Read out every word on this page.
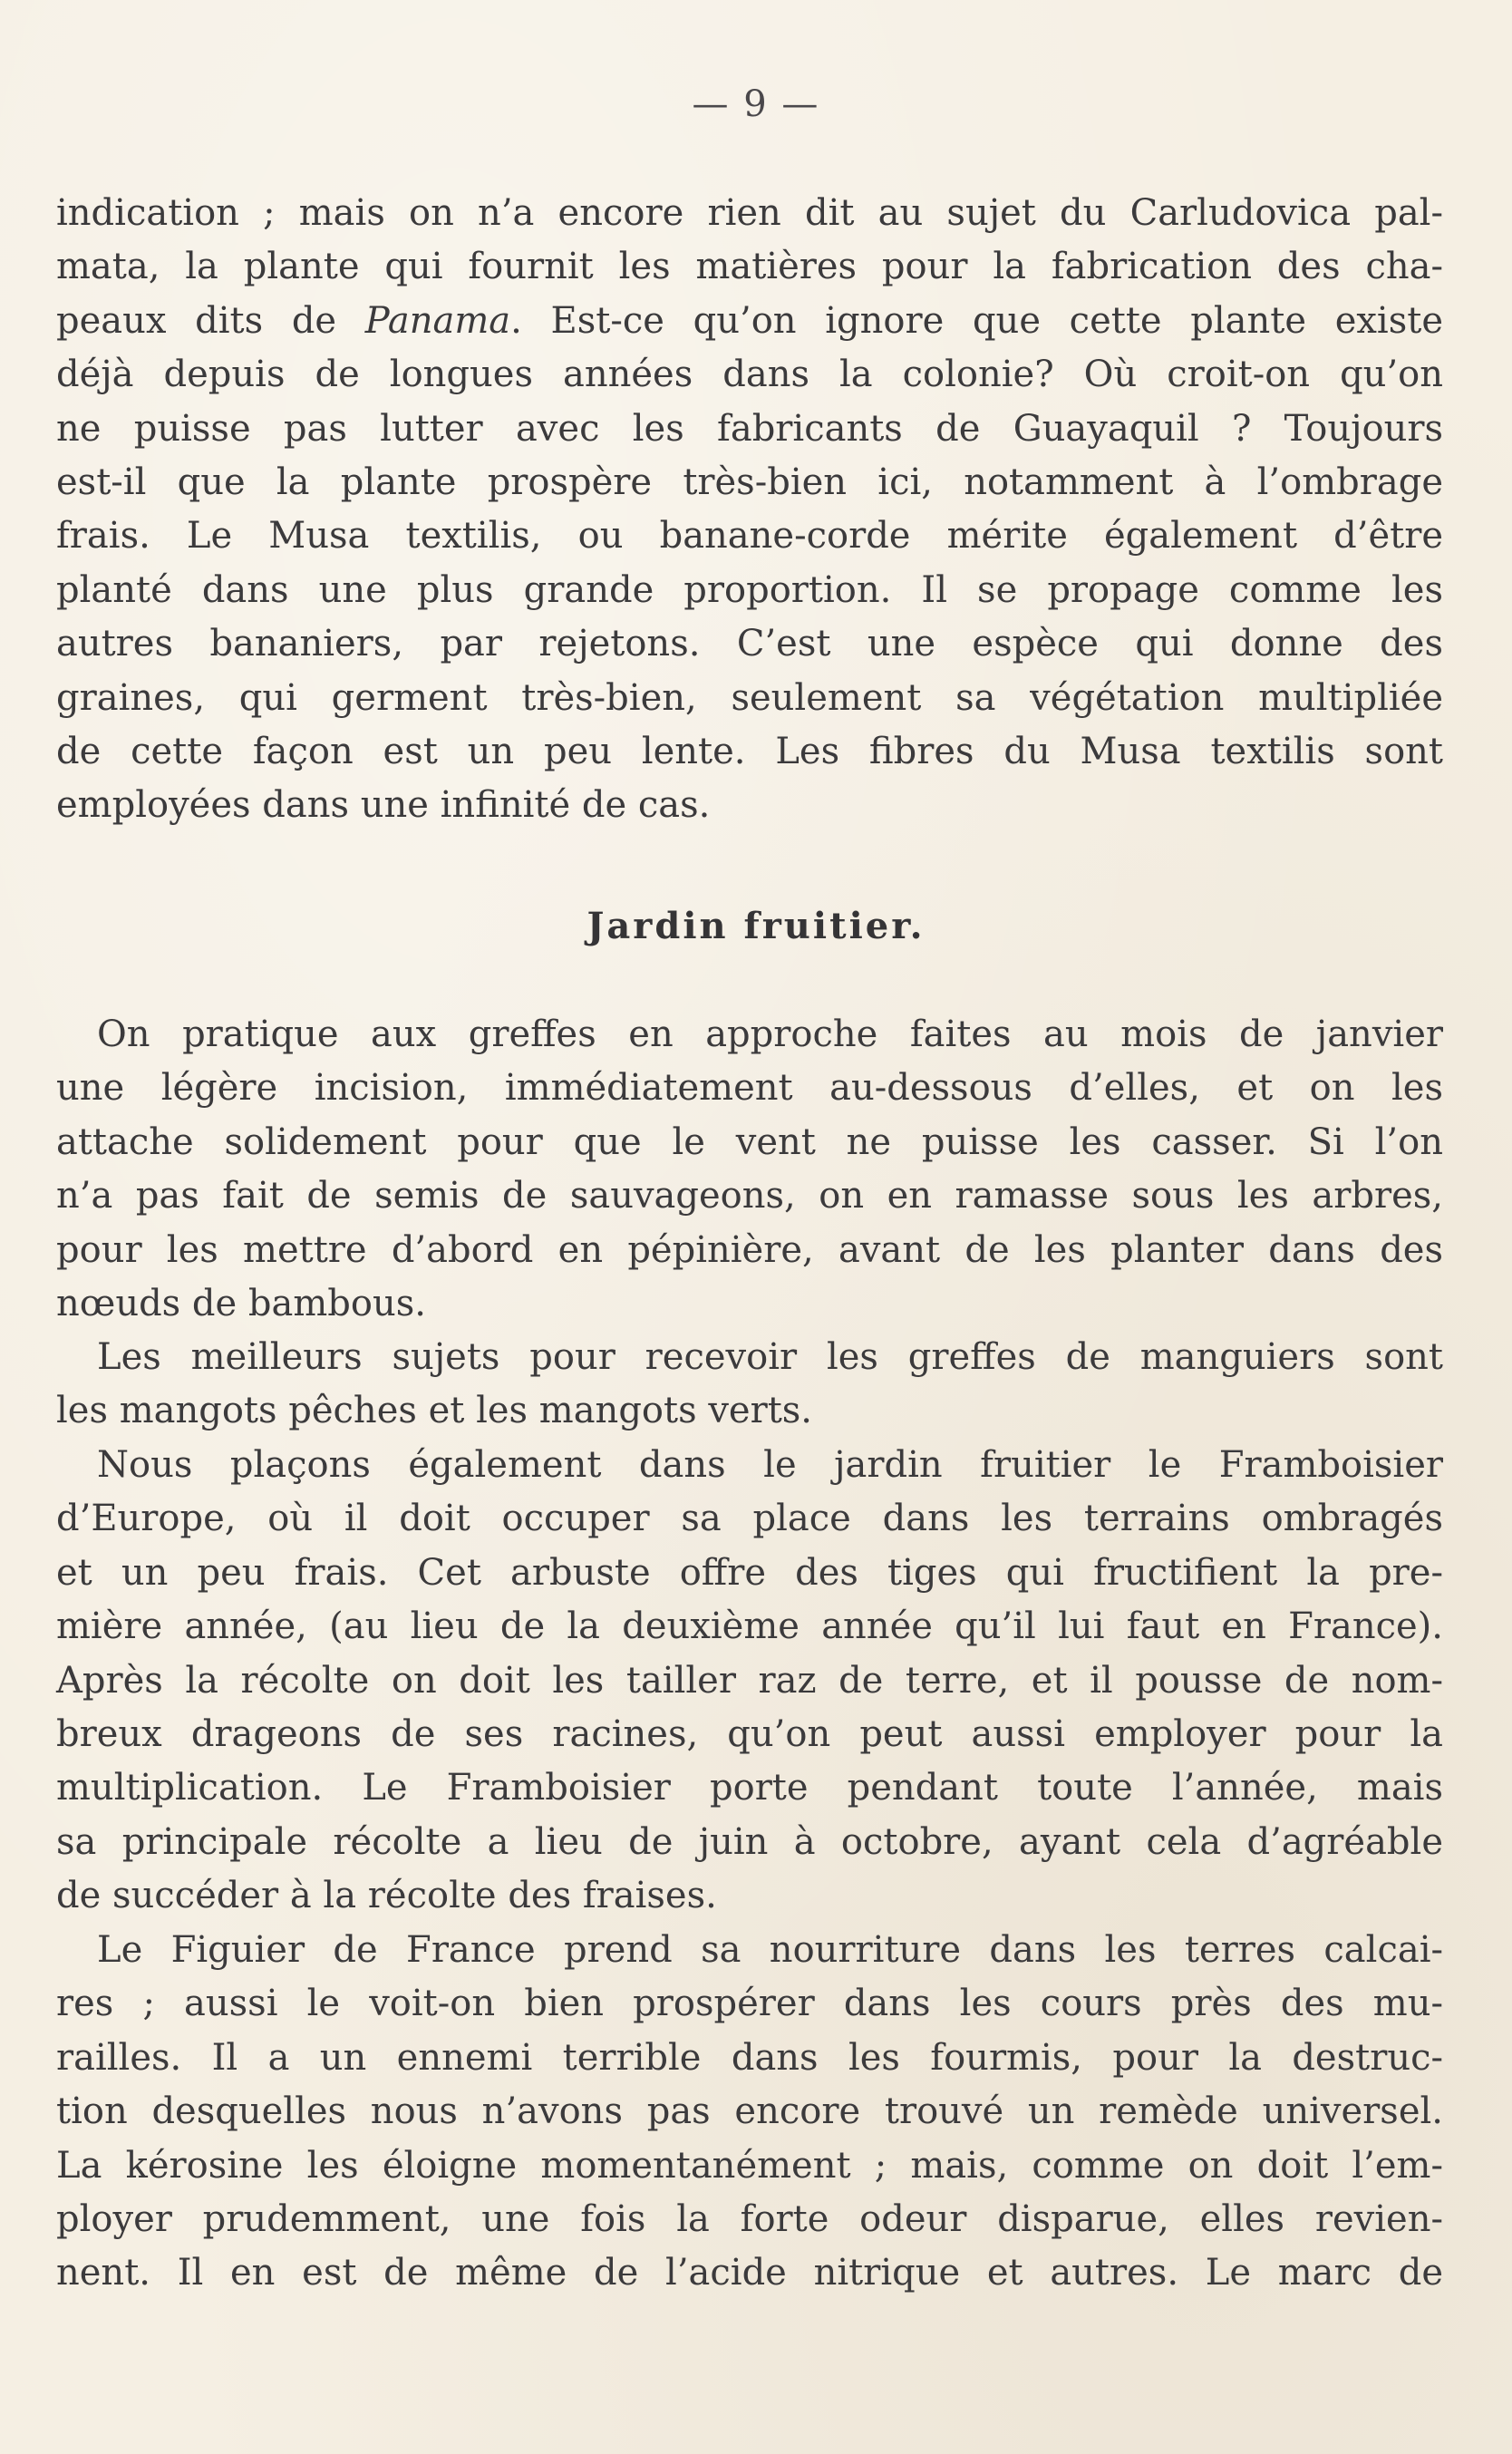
— 9 —
indication ; mais on n’a encore rien dit au sujet du Carludovica pal-
mata, la plante qui fournit les matières pour la fabrication des cha-
peaux dits de Panama. Est-ce qu’on ignore que cette plante existe
déjà depuis de longues années dans la colonie? Où croit-on qu’on
ne puisse pas lutter avec les fabricants de Guayaquil ? Toujours
est-il que la plante prospère très-bien ici, notamment à l’ombrage
frais. Le Musa textilis, ou banane-corde mérite également d’être
planté dans une plus grande proportion. Il se propage comme les
autres bananiers, par rejetons. C’est une espèce qui donne des
graines, qui germent très-bien, seulement sa végétation multipliée
de cette façon est un peu lente. Les fibres du Musa textilis sont
employées dans une infinité de cas.
Jardin fruitier.
On pratique aux greffes en approche faites au mois de janvier
une légère incision, immédiatement au-dessous d’elles, et on les
attache solidement pour que le vent ne puisse les casser. Si l’on
n’a pas fait de semis de sauvageons, on en ramasse sous les arbres,
pour les mettre d’abord en pépinière, avant de les planter dans des
nœuds de bambous.
Les meilleurs sujets pour recevoir les greffes de manguiers sont
les mangots pêches et les mangots verts.
Nous plaçons également dans le jardin fruitier le Framboisier
d’Europe, où il doit occuper sa place dans les terrains ombragés
et un peu frais. Cet arbuste offre des tiges qui fructifient la pre-
mière année, (au lieu de la deuxième année qu’il lui faut en France).
Après la récolte on doit les tailler raz de terre, et il pousse de nom-
breux drageons de ses racines, qu’on peut aussi employer pour la
multiplication. Le Framboisier porte pendant toute l’année, mais
sa principale récolte a lieu de juin à octobre, ayant cela d’agréable
de succéder à la récolte des fraises.
Le Figuier de France prend sa nourriture dans les terres calcai-
res ; aussi le voit-on bien prospérer dans les cours près des mu-
railles. Il a un ennemi terrible dans les fourmis, pour la destruc-
tion desquelles nous n’avons pas encore trouvé un remède universel.
La kérosine les éloigne momentanément ; mais, comme on doit l’em-
ployer prudemment, une fois la forte odeur disparue, elles revien-
nent. Il en est de même de l’acide nitrique et autres. Le marc de
